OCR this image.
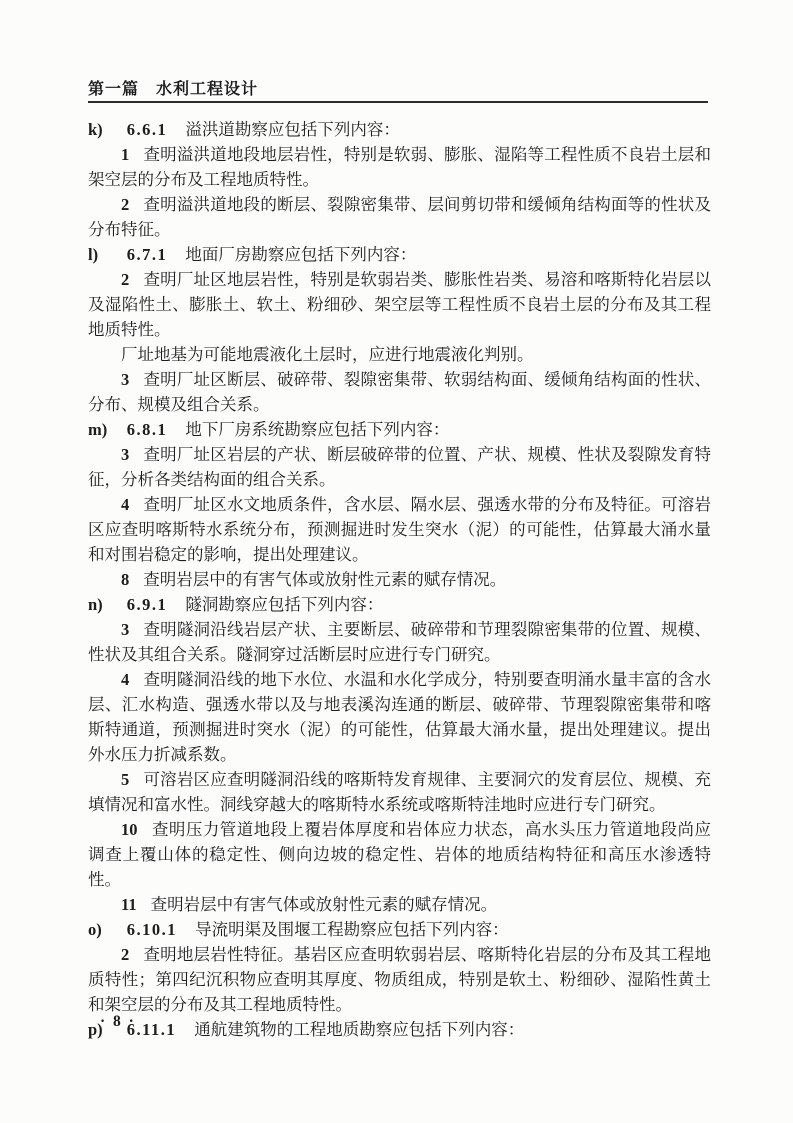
第一篇　水利工程设计

k) 6.6.1 溢洪道勘察应包括下列内容：

1 查明溢洪道地段地层岩性，特别是软弱、膨胀、湿陷等工程性质不良岩土层和架空层的分布及工程地质特性。

2 查明溢洪道地段的断层、裂隙密集带、层间剪切带和缓倾角结构面等的性状及分布特征。

l) 6.7.1 地面厂房勘察应包括下列内容：

2 查明厂址区地层岩性，特别是软弱岩类、膨胀性岩类、易溶和喀斯特化岩层以及湿陷性土、膨胀土、软土、粉细砂、架空层等工程性质不良岩土层的分布及其工程地质特性。

厂址地基为可能地震液化土层时，应进行地震液化判别。

3 查明厂址区断层、破碎带、裂隙密集带、软弱结构面、缓倾角结构面的性状、分布、规模及组合关系。

m) 6.8.1 地下厂房系统勘察应包括下列内容：

3 查明厂址区岩层的产状、断层破碎带的位置、产状、规模、性状及裂隙发育特征，分析各类结构面的组合关系。

4 查明厂址区水文地质条件，含水层、隔水层、强透水带的分布及特征。可溶岩区应查明喀斯特水系统分布，预测掘进时发生突水（泥）的可能性，估算最大涌水量和对围岩稳定的影响，提出处理建议。

8 查明岩层中的有害气体或放射性元素的赋存情况。

n) 6.9.1 隧洞勘察应包括下列内容：

3 查明隧洞沿线岩层产状、主要断层、破碎带和节理裂隙密集带的位置、规模、性状及其组合关系。隧洞穿过活断层时应进行专门研究。

4 查明隧洞沿线的地下水位、水温和水化学成分，特别要查明涌水量丰富的含水层、汇水构造、强透水带以及与地表溪沟连通的断层、破碎带、节理裂隙密集带和喀斯特通道，预测掘进时突水（泥）的可能性，估算最大涌水量，提出处理建议。提出外水压力折减系数。

5 可溶岩区应查明隧洞沿线的喀斯特发育规律、主要洞穴的发育层位、规模、充填情况和富水性。洞线穿越大的喀斯特水系统或喀斯特洼地时应进行专门研究。

10 查明压力管道地段上覆岩体厚度和岩体应力状态，高水头压力管道地段尚应调查上覆山体的稳定性、侧向边坡的稳定性、岩体的地质结构特征和高压水渗透特性。

11 查明岩层中有害气体或放射性元素的赋存情况。

o) 6.10.1 导流明渠及围堰工程勘察应包括下列内容：

2 查明地层岩性特征。基岩区应查明软弱岩层、喀斯特化岩层的分布及其工程地质特性；第四纪沉积物应查明其厚度、物质组成，特别是软土、粉细砂、湿陷性黄土和架空层的分布及其工程地质特性。

p) 6.11.1 通航建筑物的工程地质勘察应包括下列内容：

· 8 ·
